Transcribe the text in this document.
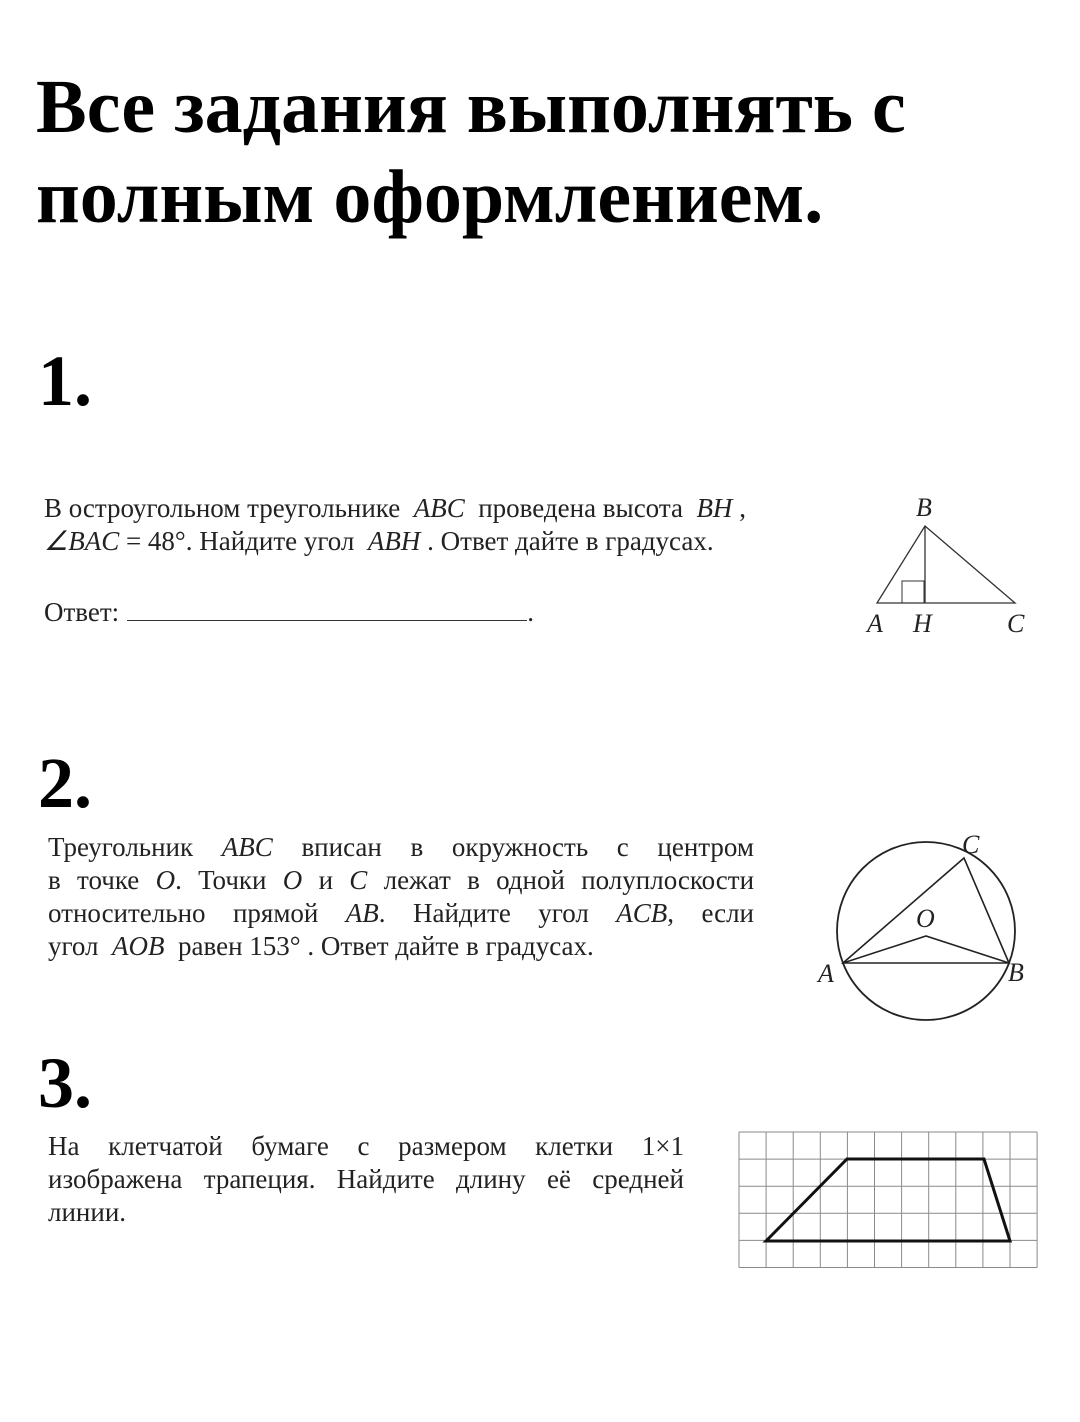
Все задания выполнять с
полным оформлением.
1.
В остроугольном треугольнике ABC проведена высота BH ,
∠BAC = 48°. Найдите угол ABH . Ответ дайте в градусах.
Ответ:	.
B
A H	C
2.
Треугольник ABC вписан в окружность с центром
в точке O. Точки O и C лежат в одной полуплоскости
относительно прямой AB. Найдите угол ACB, если
угол AOB равен 153° . Ответ дайте в градусах.
C
O
A	B
3.
На клетчатой бумаге с размером клетки 1×1
изображена трапеция. Найдите длину её средней
линии.
